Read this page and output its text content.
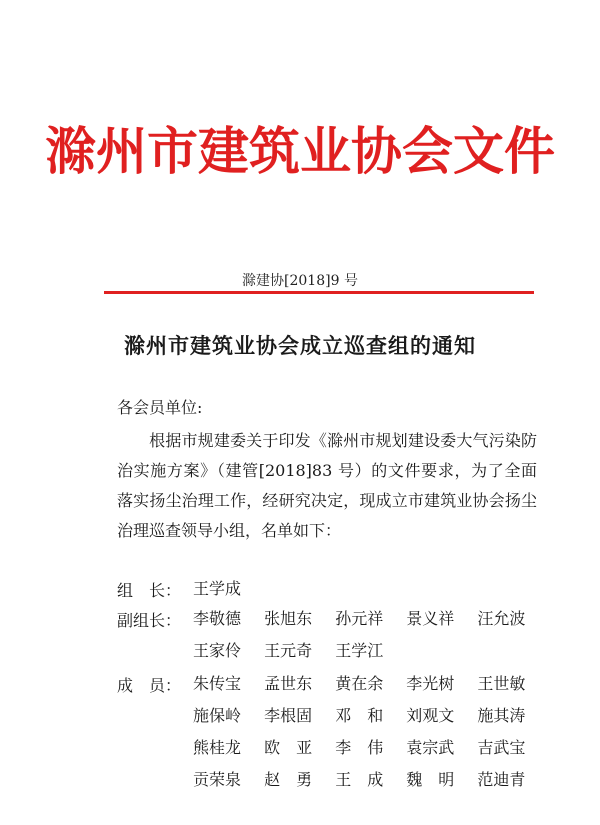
滁州市建筑业协会文件
滁建协[2018]9 号
滁州市建筑业协会成立巡查组的通知
各会员单位:
根据市规建委关于印发《滁州市规划建设委大气污染防治实施方案》（建管[2018]83 号）的文件要求，为了全面落实扬尘治理工作，经研究决定，现成立市建筑业协会扬尘治理巡查领导小组，名单如下：
组　长： 王学成
副组长： 李敬德 张旭东 孙元祥 景义祥 汪允波
王家伶 王元奇 王学江
成　员： 朱传宝 孟世东 黄在余 李光树 王世敏
施保岭 李根固 邓　和 刘观文 施其涛
熊桂龙 欧　亚 李　伟 袁宗武 吉武宝
贡荣泉 赵　勇 王　成 魏　明 范迪青
